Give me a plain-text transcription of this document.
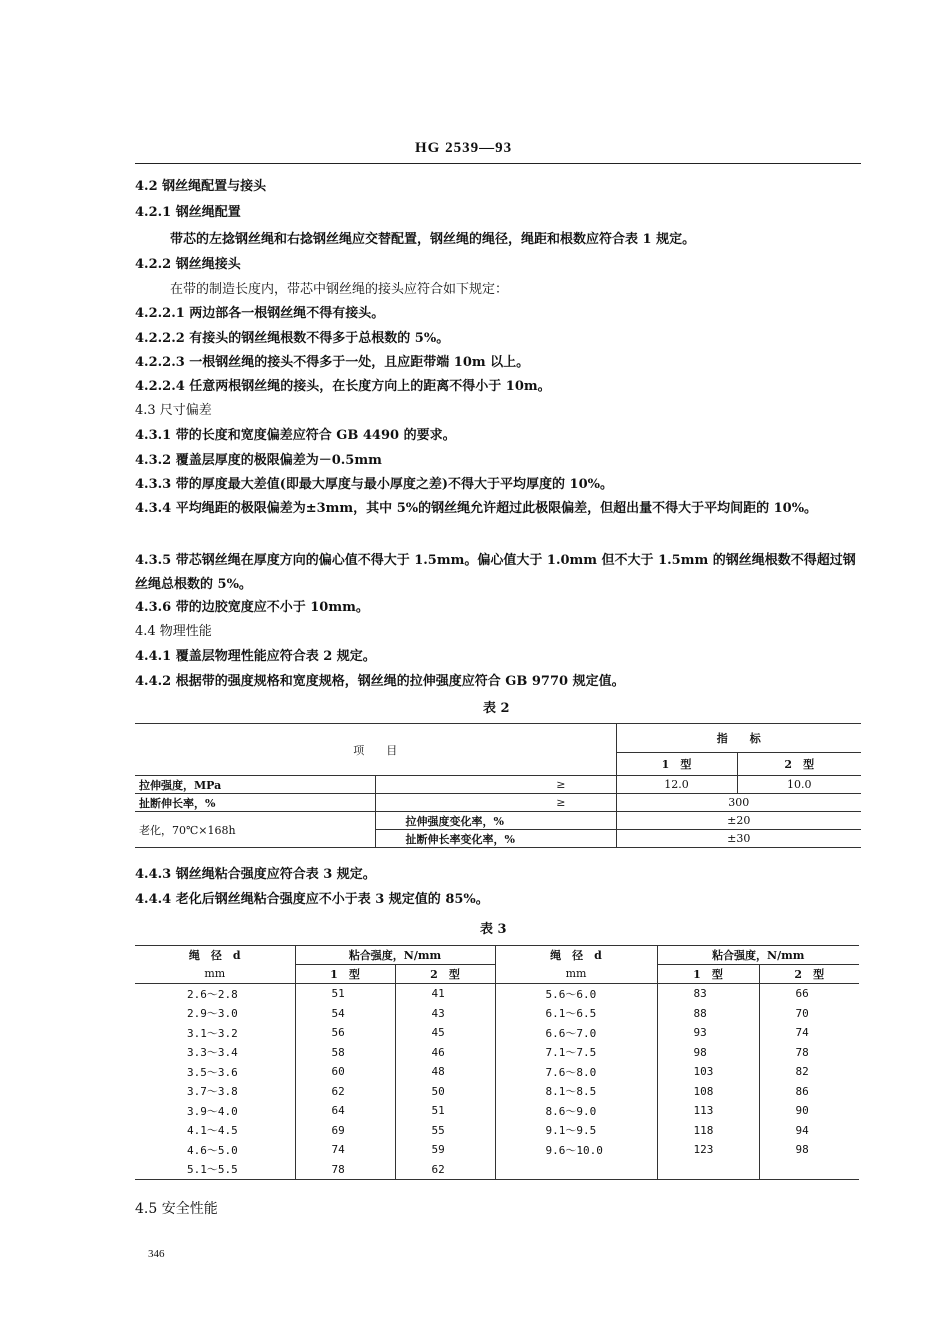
HG 2539—93
4.2 钢丝绳配置与接头
4.2.1 钢丝绳配置
带芯的左捻钢丝绳和右捻钢丝绳应交替配置，钢丝绳的绳径，绳距和根数应符合表 1 规定。
4.2.2 钢丝绳接头
在带的制造长度内，带芯中钢丝绳的接头应符合如下规定：
4.2.2.1 两边部各一根钢丝绳不得有接头。
4.2.2.2 有接头的钢丝绳根数不得多于总根数的 5%。
4.2.2.3 一根钢丝绳的接头不得多于一处，且应距带端 10m 以上。
4.2.2.4 任意两根钢丝绳的接头，在长度方向上的距离不得小于 10m。
4.3 尺寸偏差
4.3.1 带的长度和宽度偏差应符合 GB 4490 的要求。
4.3.2 覆盖层厚度的极限偏差为－0.5mm
4.3.3 带的厚度最大差值(即最大厚度与最小厚度之差)不得大于平均厚度的 10%。
4.3.4 平均绳距的极限偏差为±3mm，其中 5%的钢丝绳允许超过此极限偏差，但超出量不得大于平均间距的 10%。
4.3.5 带芯钢丝绳在厚度方向的偏心值不得大于 1.5mm。偏心值大于 1.0mm 但不大于 1.5mm 的钢丝绳根数不得超过钢丝绳总根数的 5%。
4.3.6 带的边胶宽度应不小于 10mm。
4.4 物理性能
4.4.1 覆盖层物理性能应符合表 2 规定。
4.4.2 根据带的强度规格和宽度规格，钢丝绳的拉伸强度应符合 GB 9770 规定值。
表 2
项　　目		指　　标	
		1　型	2　型
拉伸强度，MPa	≥	12.0	10.0
扯断伸长率，%	≥	300	
老化，70℃×168h	拉伸强度变化率，%	±20	
	扯断伸长率变化率，%	±30	
4.4.3 钢丝绳粘合强度应符合表 3 规定。
4.4.4 老化后钢丝绳粘合强度应不小于表 3 规定值的 85%。
表 3
绳　径　d	粘合强度，N/mm		绳　径　d	粘合强度，N/mm	
mm	1　型	2　型	mm	1　型	2　型
2.6～2.8	51	41	5.6～6.0	83	66
2.9～3.0	54	43	6.1～6.5	88	70
3.1～3.2	56	45	6.6～7.0	93	74
3.3～3.4	58	46	7.1～7.5	98	78
3.5～3.6	60	48	7.6～8.0	103	82
3.7～3.8	62	50	8.1～8.5	108	86
3.9～4.0	64	51	8.6～9.0	113	90
4.1～4.5	69	55	9.1～9.5	118	94
4.6～5.0	74	59	9.6～10.0	123	98
5.1～5.5	78	62			
4.5 安全性能
346
